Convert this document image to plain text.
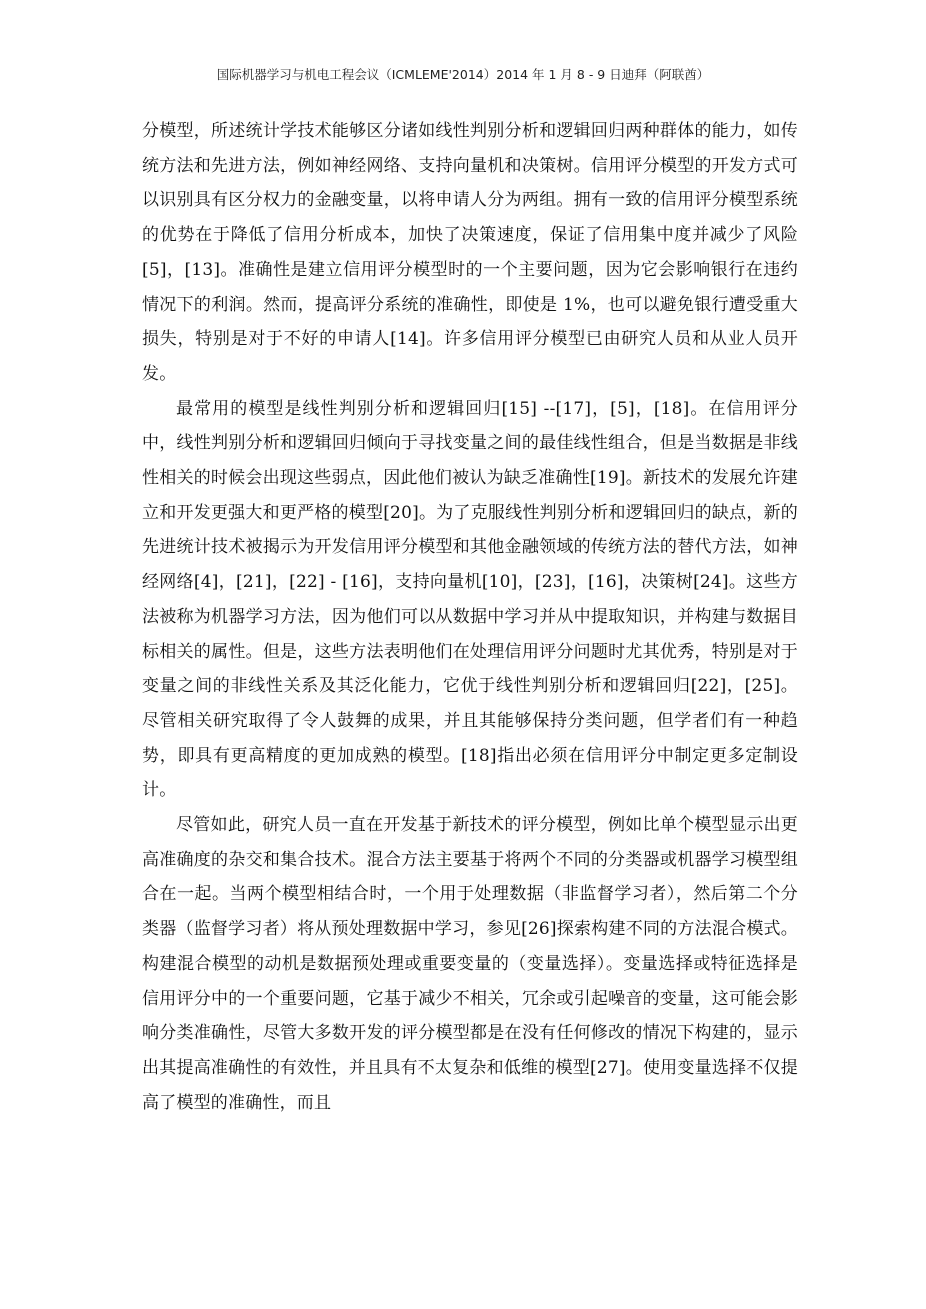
国际机器学习与机电工程会议（ICMLEME'2014）2014 年 1 月 8 - 9 日迪拜（阿联酋）

分模型，所述统计学技术能够区分诸如线性判别分析和逻辑回归两种群体的能力，如传统方法和先进方法，例如神经网络、支持向量机和决策树。信用评分模型的开发方式可以识别具有区分权力的金融变量，以将申请人分为两组。拥有一致的信用评分模型系统的优势在于降低了信用分析成本，加快了决策速度，保证了信用集中度并减少了风险[5]，[13]。准确性是建立信用评分模型时的一个主要问题，因为它会影响银行在违约情况下的利润。然而，提高评分系统的准确性，即使是 1%，也可以避免银行遭受重大损失，特别是对于不好的申请人[14]。许多信用评分模型已由研究人员和从业人员开发。

最常用的模型是线性判别分析和逻辑回归[15] --[17]，[5]，[18]。在信用评分中，线性判别分析和逻辑回归倾向于寻找变量之间的最佳线性组合，但是当数据是非线性相关的时候会出现这些弱点，因此他们被认为缺乏准确性[19]。新技术的发展允许建立和开发更强大和更严格的模型[20]。为了克服线性判别分析和逻辑回归的缺点，新的先进统计技术被揭示为开发信用评分模型和其他金融领域的传统方法的替代方法，如神经网络[4]，[21]，[22] - [16]，支持向量机[10]，[23]，[16]，决策树[24]。这些方法被称为机器学习方法，因为他们可以从数据中学习并从中提取知识，并构建与数据目标相关的属性。但是，这些方法表明他们在处理信用评分问题时尤其优秀，特别是对于变量之间的非线性关系及其泛化能力，它优于线性判别分析和逻辑回归[22]，[25]。尽管相关研究取得了令人鼓舞的成果，并且其能够保持分类问题，但学者们有一种趋势，即具有更高精度的更加成熟的模型。[18]指出必须在信用评分中制定更多定制设计。

尽管如此，研究人员一直在开发基于新技术的评分模型，例如比单个模型显示出更高准确度的杂交和集合技术。混合方法主要基于将两个不同的分类器或机器学习模型组合在一起。当两个模型相结合时，一个用于处理数据（非监督学习者），然后第二个分类器（监督学习者）将从预处理数据中学习，参见[26]探索构建不同的方法混合模式。构建混合模型的动机是数据预处理或重要变量的（变量选择）。变量选择或特征选择是信用评分中的一个重要问题，它基于减少不相关，冗余或引起噪音的变量，这可能会影响分类准确性，尽管大多数开发的评分模型都是在没有任何修改的情况下构建的，显示出其提高准确性的有效性，并且具有不太复杂和低维的模型[27]。使用变量选择不仅提高了模型的准确性，而且
